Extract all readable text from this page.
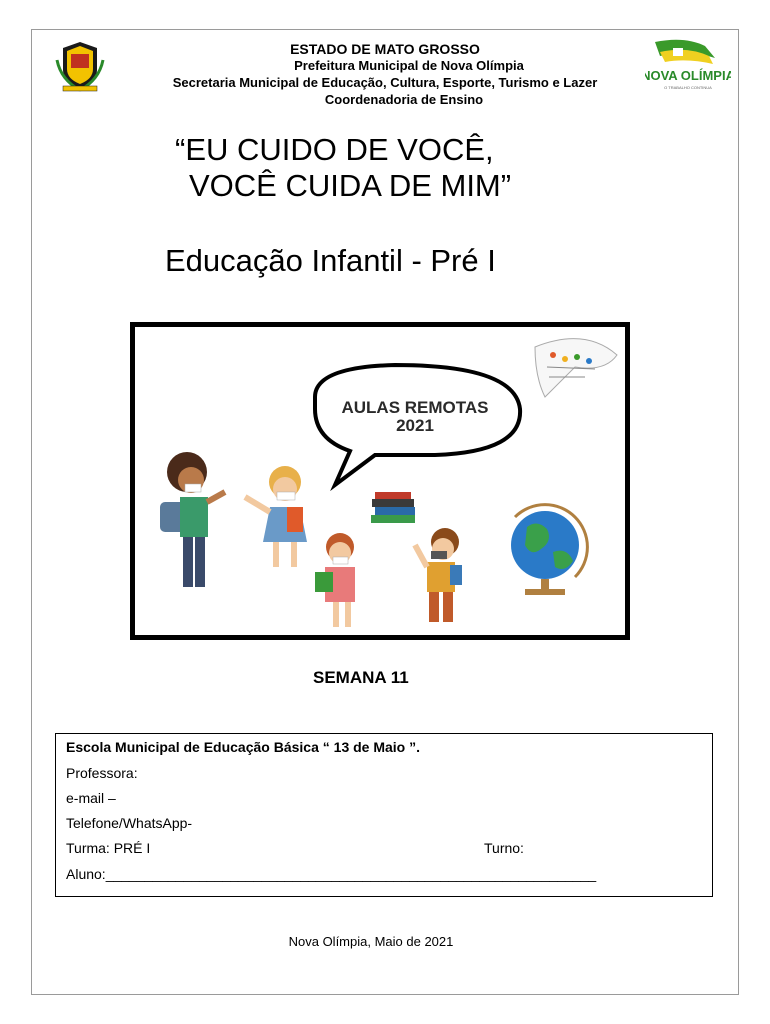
ESTADO DE MATO GROSSO
Prefeitura Municipal de Nova Olímpia
Secretaria Municipal de Educação, Cultura, Esporte, Turismo e Lazer
Coordenadoria de Ensino
NOVA OLÍMPIA
O TRABALHO CONTINUA
“EU CUIDO DE VOCÊ,
VOCÊ CUIDA DE MIM”
Educação Infantil - Pré I
AULAS REMOTAS
2021
SEMANA 11
Escola Municipal de Educação Básica “ 13 de Maio ”.
Professora:
e-mail –
Telefone/WhatsApp-
Turma: PRÉ I	Turno:
Aluno:_______________________________________________________________
Nova Olímpia, Maio de 2021
